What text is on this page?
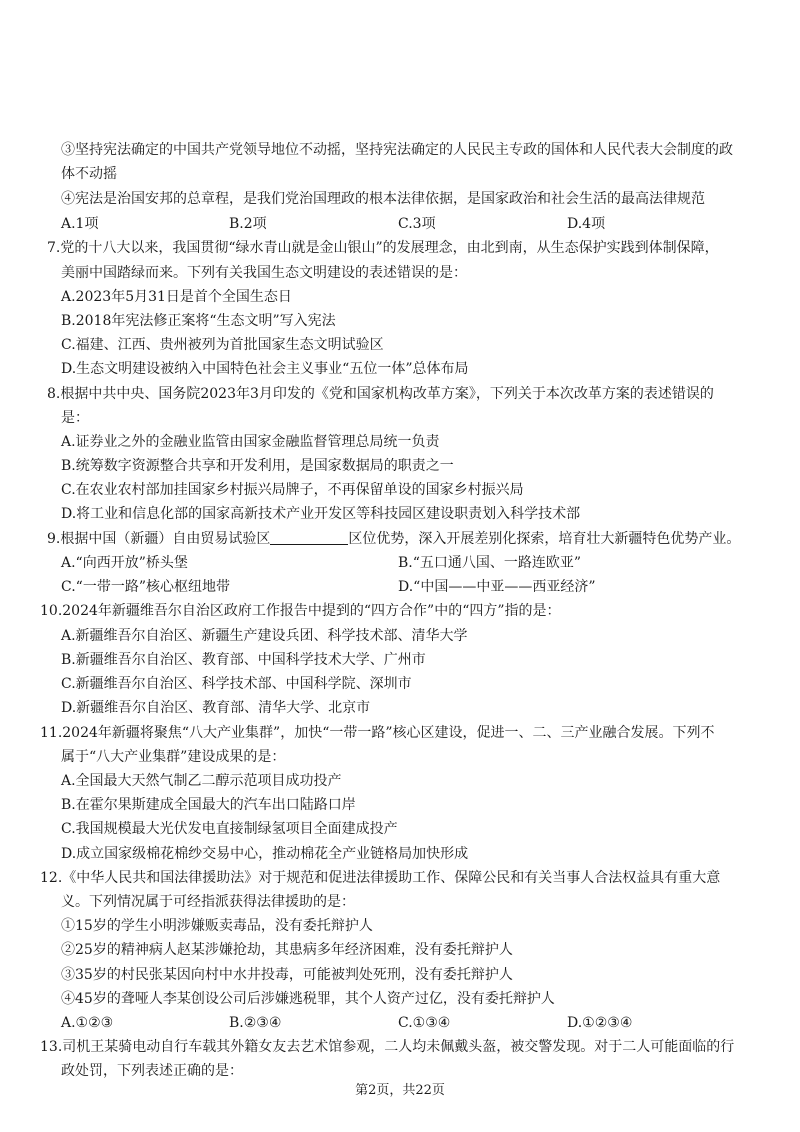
③坚持宪法确定的中国共产党领导地位不动摇，坚持宪法确定的人民民主专政的国体和人民代表大会制度的政
体不动摇
④宪法是治国安邦的总章程，是我们党治国理政的根本法律依据，是国家政治和社会生活的最高法律规范
A.1项	B.2项	C.3项	D.4项
7.党的十八大以来，我国贯彻“绿水青山就是金山银山”的发展理念，由北到南，从生态保护实践到体制保障，
美丽中国踏绿而来。下列有关我国生态文明建设的表述错误的是：
A.2023年5月31日是首个全国生态日
B.2018年宪法修正案将“生态文明”写入宪法
C.福建、江西、贵州被列为首批国家生态文明试验区
D.生态文明建设被纳入中国特色社会主义事业“五位一体”总体布局
8.根据中共中央、国务院2023年3月印发的《党和国家机构改革方案》，下列关于本次改革方案的表述错误的
是：
A.证券业之外的金融业监管由国家金融监督管理总局统一负责
B.统筹数字资源整合共享和开发利用，是国家数据局的职责之一
C.在农业农村部加挂国家乡村振兴局牌子，不再保留单设的国家乡村振兴局
D.将工业和信息化部的国家高新技术产业开发区等科技园区建设职责划入科学技术部
9.根据中国（新疆）自由贸易试验区	区位优势，深入开展差别化探索，培育壮大新疆特色优势产业。
A.“向西开放”桥头堡	B.“五口通八国、一路连欧亚”
C.“一带一路”核心枢纽地带	D.“中国——中亚——西亚经济”
10.2024年新疆维吾尔自治区政府工作报告中提到的“四方合作”中的“四方”指的是：
A.新疆维吾尔自治区、新疆生产建设兵团、科学技术部、清华大学
B.新疆维吾尔自治区、教育部、中国科学技术大学、广州市
C.新疆维吾尔自治区、科学技术部、中国科学院、深圳市
D.新疆维吾尔自治区、教育部、清华大学、北京市
11.2024年新疆将聚焦“八大产业集群”，加快“一带一路”核心区建设，促进一、二、三产业融合发展。下列不
属于“八大产业集群”建设成果的是：
A.全国最大天然气制乙二醇示范项目成功投产
B.在霍尔果斯建成全国最大的汽车出口陆路口岸
C.我国规模最大光伏发电直接制绿氢项目全面建成投产
D.成立国家级棉花棉纱交易中心，推动棉花全产业链格局加快形成
12.《中华人民共和国法律援助法》对于规范和促进法律援助工作、保障公民和有关当事人合法权益具有重大意
义。下列情况属于可经指派获得法律援助的是：
①15岁的学生小明涉嫌贩卖毒品，没有委托辩护人
②25岁的精神病人赵某涉嫌抢劫，其患病多年经济困难，没有委托辩护人
③35岁的村民张某因向村中水井投毒，可能被判处死刑，没有委托辩护人
④45岁的聋哑人李某创设公司后涉嫌逃税罪，其个人资产过亿，没有委托辩护人
A.①②③	B.②③④	C.①③④	D.①②③④
13.司机王某骑电动自行车载其外籍女友去艺术馆参观，二人均未佩戴头盔，被交警发现。对于二人可能面临的行
政处罚，下列表述正确的是：
第2页，共22页
